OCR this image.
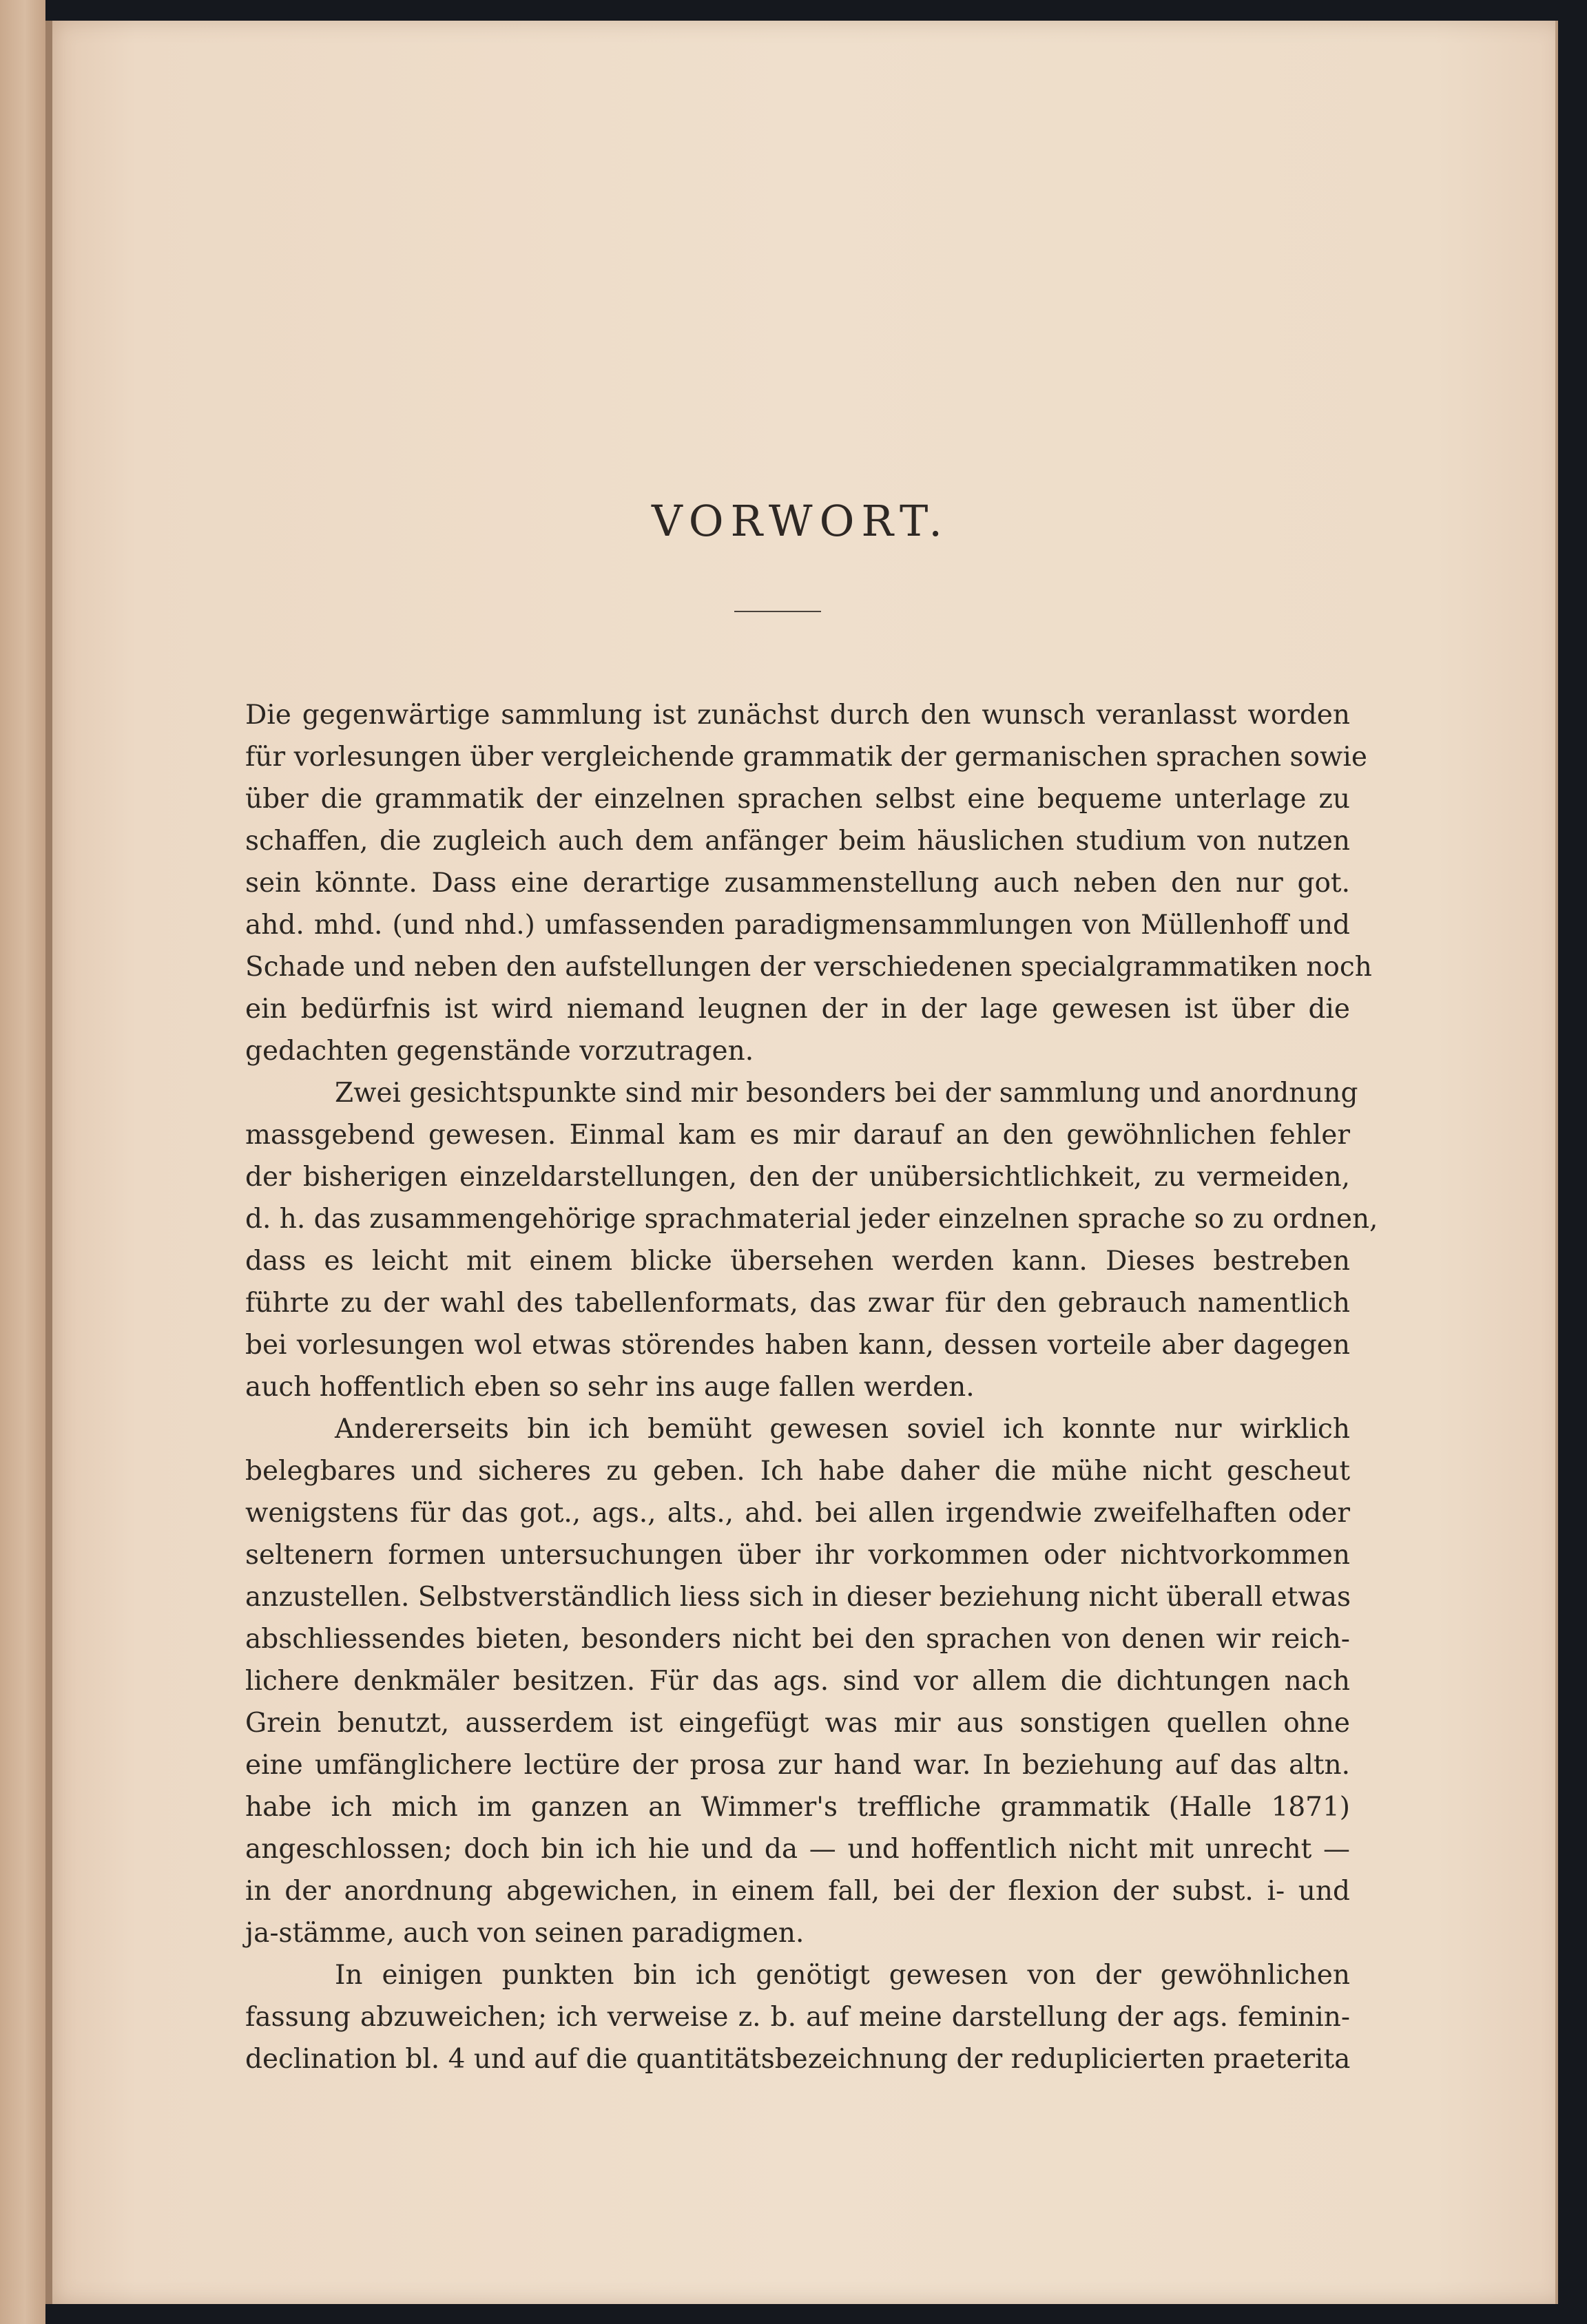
VORWORT.

Die gegenwärtige sammlung ist zunächst durch den wunsch veranlasst worden
für vorlesungen über vergleichende grammatik der germanischen sprachen sowie
über die grammatik der einzelnen sprachen selbst eine bequeme unterlage zu
schaffen, die zugleich auch dem anfänger beim häuslichen studium von nutzen
sein könnte. Dass eine derartige zusammenstellung auch neben den nur got.
ahd. mhd. (und nhd.) umfassenden paradigmensammlungen von Müllenhoff und
Schade und neben den aufstellungen der verschiedenen specialgrammatiken noch
ein bedürfnis ist wird niemand leugnen der in der lage gewesen ist über die
gedachten gegenstände vorzutragen.

Zwei gesichtspunkte sind mir besonders bei der sammlung und anordnung
massgebend gewesen. Einmal kam es mir darauf an den gewöhnlichen fehler
der bisherigen einzeldarstellungen, den der unübersichtlichkeit, zu vermeiden,
d. h. das zusammengehörige sprachmaterial jeder einzelnen sprache so zu ordnen,
dass es leicht mit einem blicke übersehen werden kann. Dieses bestreben
führte zu der wahl des tabellenformats, das zwar für den gebrauch namentlich
bei vorlesungen wol etwas störendes haben kann, dessen vorteile aber dagegen
auch hoffentlich eben so sehr ins auge fallen werden.

Andererseits bin ich bemüht gewesen soviel ich konnte nur wirklich
belegbares und sicheres zu geben. Ich habe daher die mühe nicht gescheut
wenigstens für das got., ags., alts., ahd. bei allen irgendwie zweifelhaften oder
seltenern formen untersuchungen über ihr vorkommen oder nichtvorkommen
anzustellen. Selbstverständlich liess sich in dieser beziehung nicht überall etwas
abschliessendes bieten, besonders nicht bei den sprachen von denen wir reich-
lichere denkmäler besitzen. Für das ags. sind vor allem die dichtungen nach
Grein benutzt, ausserdem ist eingefügt was mir aus sonstigen quellen ohne
eine umfänglichere lectüre der prosa zur hand war. In beziehung auf das altn.
habe ich mich im ganzen an Wimmer's treffliche grammatik (Halle 1871)
angeschlossen; doch bin ich hie und da — und hoffentlich nicht mit unrecht —
in der anordnung abgewichen, in einem fall, bei der flexion der subst. i- und
ja-stämme, auch von seinen paradigmen.

In einigen punkten bin ich genötigt gewesen von der gewöhnlichen
fassung abzuweichen; ich verweise z. b. auf meine darstellung der ags. feminin-
declination bl. 4 und auf die quantitätsbezeichnung der reduplicierten praeterita
